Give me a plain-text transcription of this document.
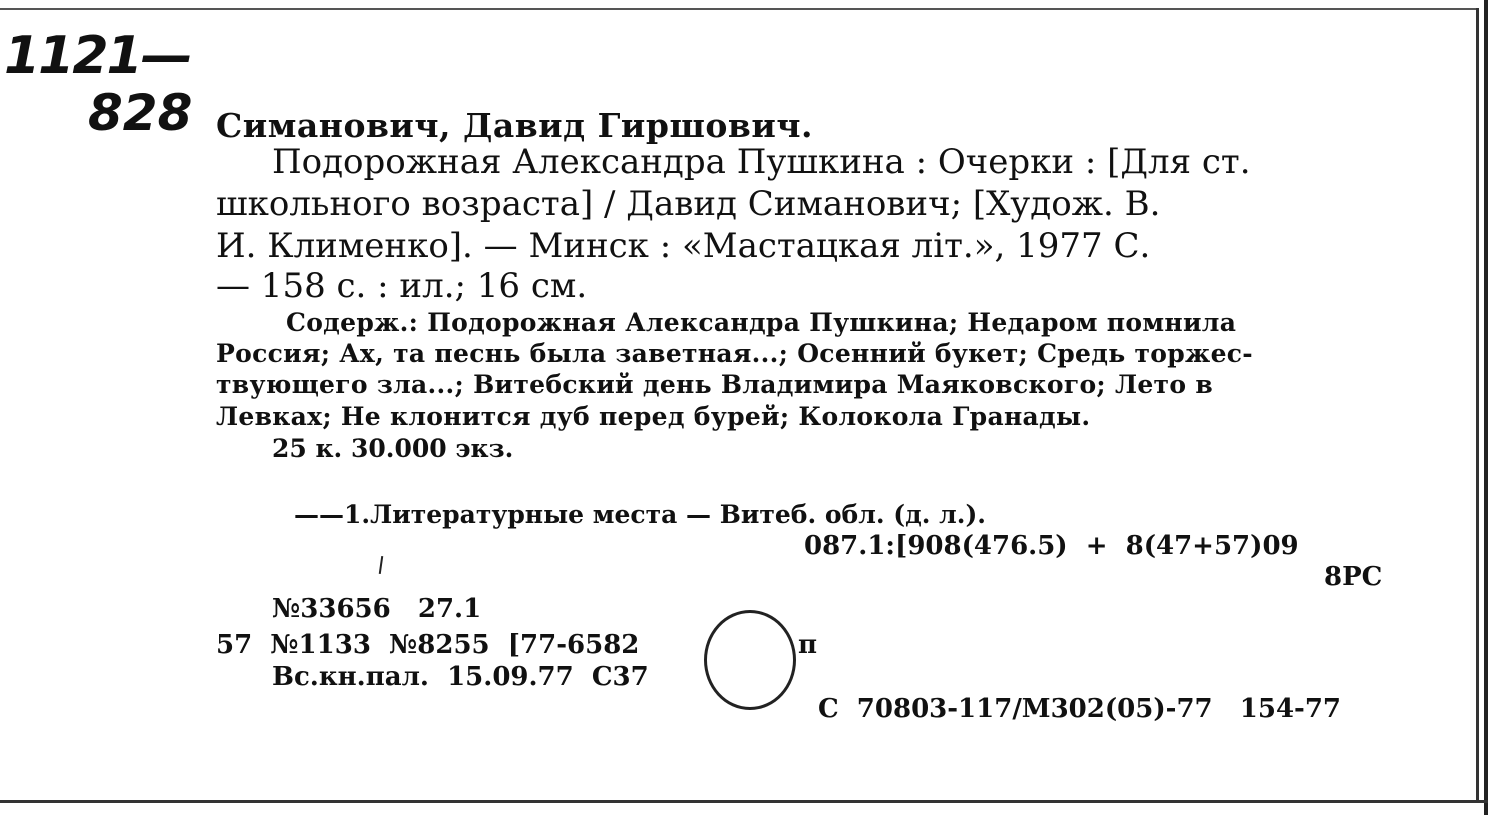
1121—
828 Симанович, Давид Гиршович.
Подорожная Александра Пушкина : Очерки : [Для ст.
школьного возраста] / Давид Симанович; [Худож. В.
И. Клименко]. — Минск : «Мастацкая літ.», 1977 С.
— 158 с. : ил.; 16 см.
Содерж.: Подорожная Александра Пушкина; Недаром помнила
Россия; Ах, та песнь была заветная...; Осенний букет; Средь торжес-
твующего зла...; Витебский день Владимира Маяковского; Лето в
Левках; Не клонится дуб перед бурей; Колокола Гранады.
25 к. 30.000 экз.
——1.Литературные места — Витеб. обл. (д. л.).
087.1:[908(476.5)  +  8(47+57)09
8РС
№33656   27.1
57  №1133  №8255  [77-6582	п
Вс.кн.пал.  15.09.77  С37
С  70803-117/М302(05)-77   154-77
